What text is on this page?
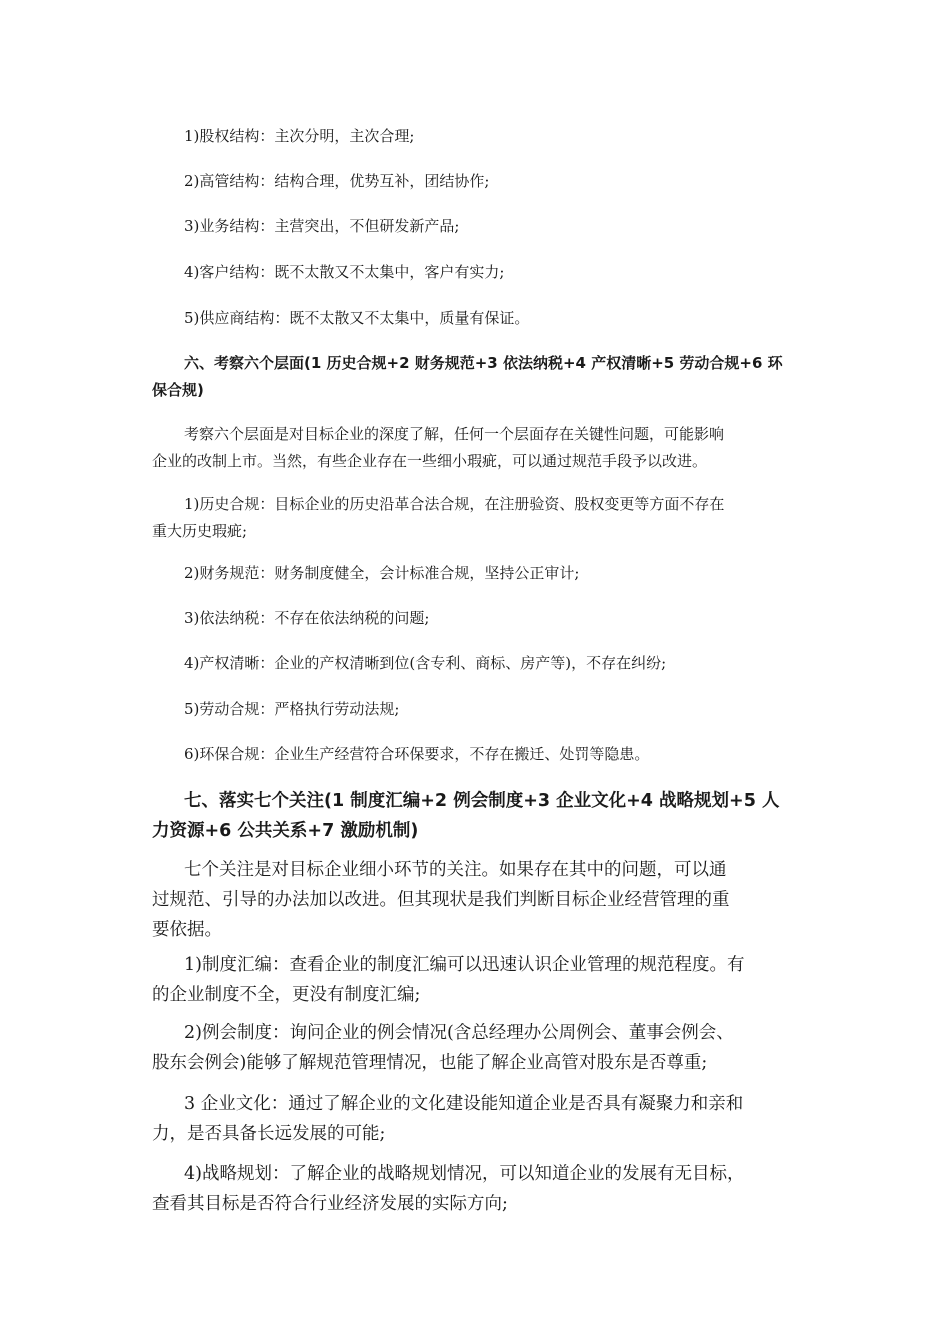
1)股权结构：主次分明，主次合理;

2)高管结构：结构合理，优势互补，团结协作;

3)业务结构：主营突出，不但研发新产品;

4)客户结构：既不太散又不太集中，客户有实力;

5)供应商结构：既不太散又不太集中，质量有保证。

六、考察六个层面(1 历史合规+2 财务规范+3 依法纳税+4 产权清晰+5 劳动合规+6 环
保合规)

考察六个层面是对目标企业的深度了解，任何一个层面存在关键性问题，可能影响
企业的改制上市。当然，有些企业存在一些细小瑕疵，可以通过规范手段予以改进。

1)历史合规：目标企业的历史沿革合法合规，在注册验资、股权变更等方面不存在
重大历史瑕疵;

2)财务规范：财务制度健全，会计标准合规，坚持公正审计;

3)依法纳税：不存在依法纳税的问题;

4)产权清晰：企业的产权清晰到位(含专利、商标、房产等)，不存在纠纷;

5)劳动合规：严格执行劳动法规;

6)环保合规：企业生产经营符合环保要求，不存在搬迁、处罚等隐患。

七、落实七个关注(1 制度汇编+2 例会制度+3 企业文化+4 战略规划+5 人
力资源+6 公共关系+7 激励机制)

七个关注是对目标企业细小环节的关注。如果存在其中的问题，可以通
过规范、引导的办法加以改进。但其现状是我们判断目标企业经营管理的重
要依据。

1)制度汇编：查看企业的制度汇编可以迅速认识企业管理的规范程度。有
的企业制度不全，更没有制度汇编;

2)例会制度：询问企业的例会情况(含总经理办公周例会、董事会例会、
股东会例会)能够了解规范管理情况，也能了解企业高管对股东是否尊重;

3 企业文化：通过了解企业的文化建设能知道企业是否具有凝聚力和亲和
力，是否具备长远发展的可能;

4)战略规划：了解企业的战略规划情况，可以知道企业的发展有无目标，
查看其目标是否符合行业经济发展的实际方向;
